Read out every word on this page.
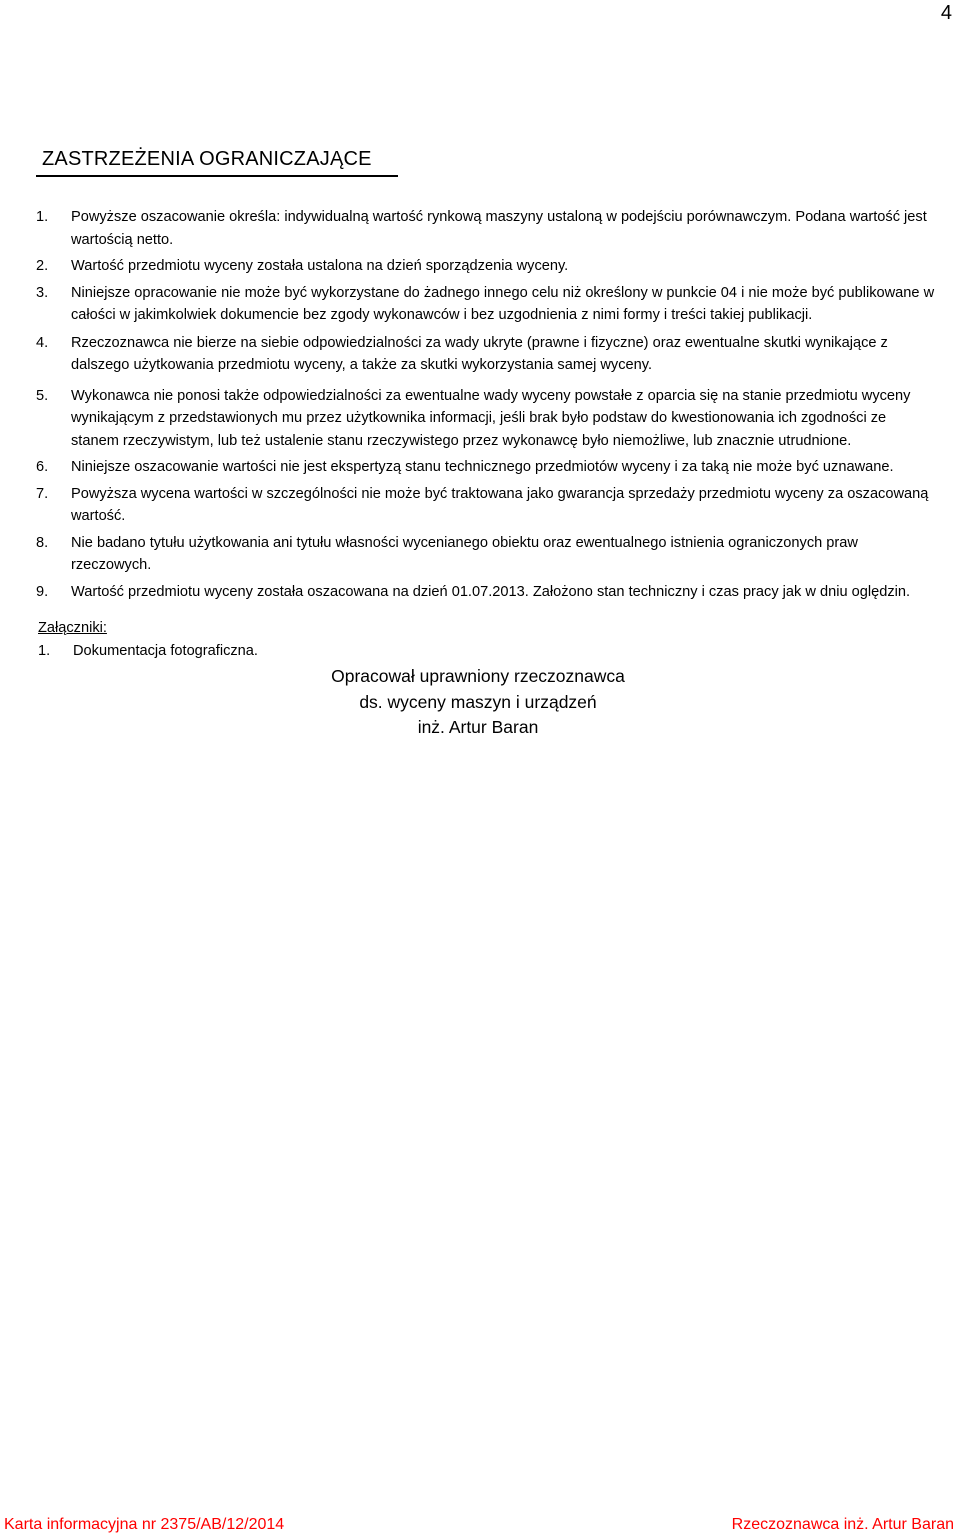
4
ZASTRZEŻENIA OGRANICZAJĄCE
1.	Powyższe oszacowanie określa: indywidualną wartość rynkową maszyny ustaloną w podejściu porównawczym. Podana wartość jest wartością netto.
2.	Wartość przedmiotu wyceny została ustalona na dzień sporządzenia wyceny.
3.	Niniejsze opracowanie nie może być wykorzystane do żadnego innego celu niż określony w punkcie 04 i nie może być publikowane w całości w jakimkolwiek dokumencie bez zgody wykonawców i bez uzgodnienia z nimi formy i treści takiej publikacji.
4.	Rzeczoznawca nie bierze na siebie odpowiedzialności za wady ukryte (prawne i fizyczne) oraz ewentualne skutki wynikające z dalszego użytkowania przedmiotu wyceny, a także za skutki wykorzystania samej wyceny.
5.	Wykonawca nie ponosi także odpowiedzialności za ewentualne wady wyceny powstałe z oparcia się na stanie przedmiotu wyceny wynikającym z przedstawionych mu przez użytkownika informacji, jeśli brak było podstaw do kwestionowania ich zgodności ze stanem rzeczywistym, lub też ustalenie stanu rzeczywistego przez wykonawcę było niemożliwe, lub znacznie utrudnione.
6.	Niniejsze oszacowanie wartości nie jest ekspertyzą stanu technicznego przedmiotów wyceny i za taką nie może być uznawane.
7.	Powyższa wycena wartości w szczególności nie może być traktowana jako gwarancja sprzedaży przedmiotu wyceny za oszacowaną wartość.
8.	Nie badano tytułu użytkowania ani tytułu własności wycenianego obiektu oraz ewentualnego istnienia ograniczonych praw rzeczowych.
9.	Wartość przedmiotu wyceny została oszacowana na dzień 01.07.2013. Założono stan techniczny i czas pracy jak w dniu oględzin.
Załączniki:
1.	Dokumentacja fotograficzna.
Opracował uprawniony rzeczoznawca
ds. wyceny maszyn i urządzeń
inż. Artur Baran
Karta informacyjna nr 2375/AB/12/2014	Rzeczoznawca inż. Artur Baran
